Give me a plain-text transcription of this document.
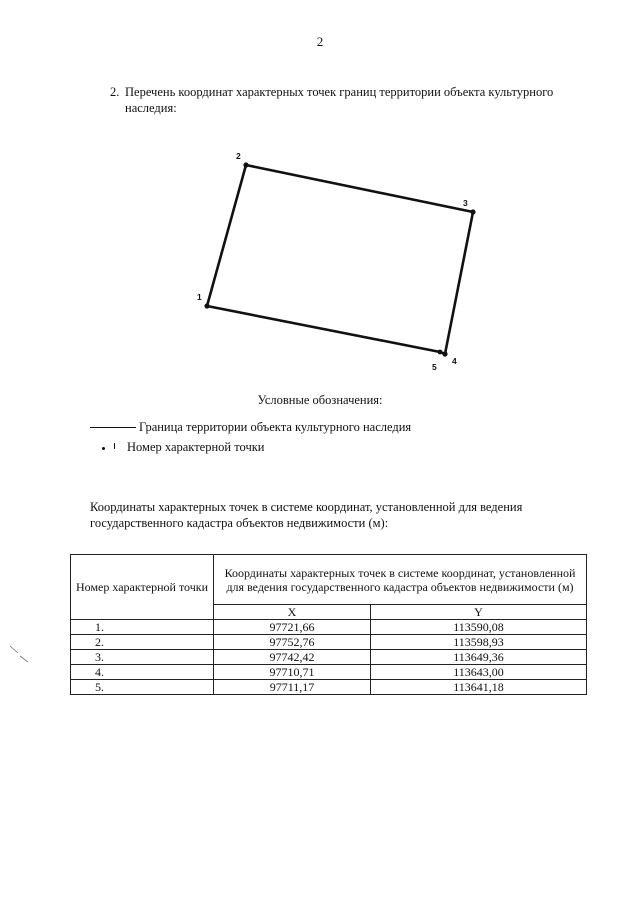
2
2. Перечень координат характерных точек границ территории объекта культурного наследия:
1
2
3
4
5
Условные обозначения:
Граница территории объекта культурного наследия
Номер характерной точки
Координаты характерных точек в системе координат, установленной для ведения государственного кадастра объектов недвижимости (м):
Номер характерной точки	Координаты характерных точек в системе координат, установленной для ведения государственного кадастра объектов недвижимости (м)	
	X	Y
1.	97721,66	113590,08
2.	97752,76	113598,93
3.	97742,42	113649,36
4.	97710,71	113643,00
5.	97711,17	113641,18
